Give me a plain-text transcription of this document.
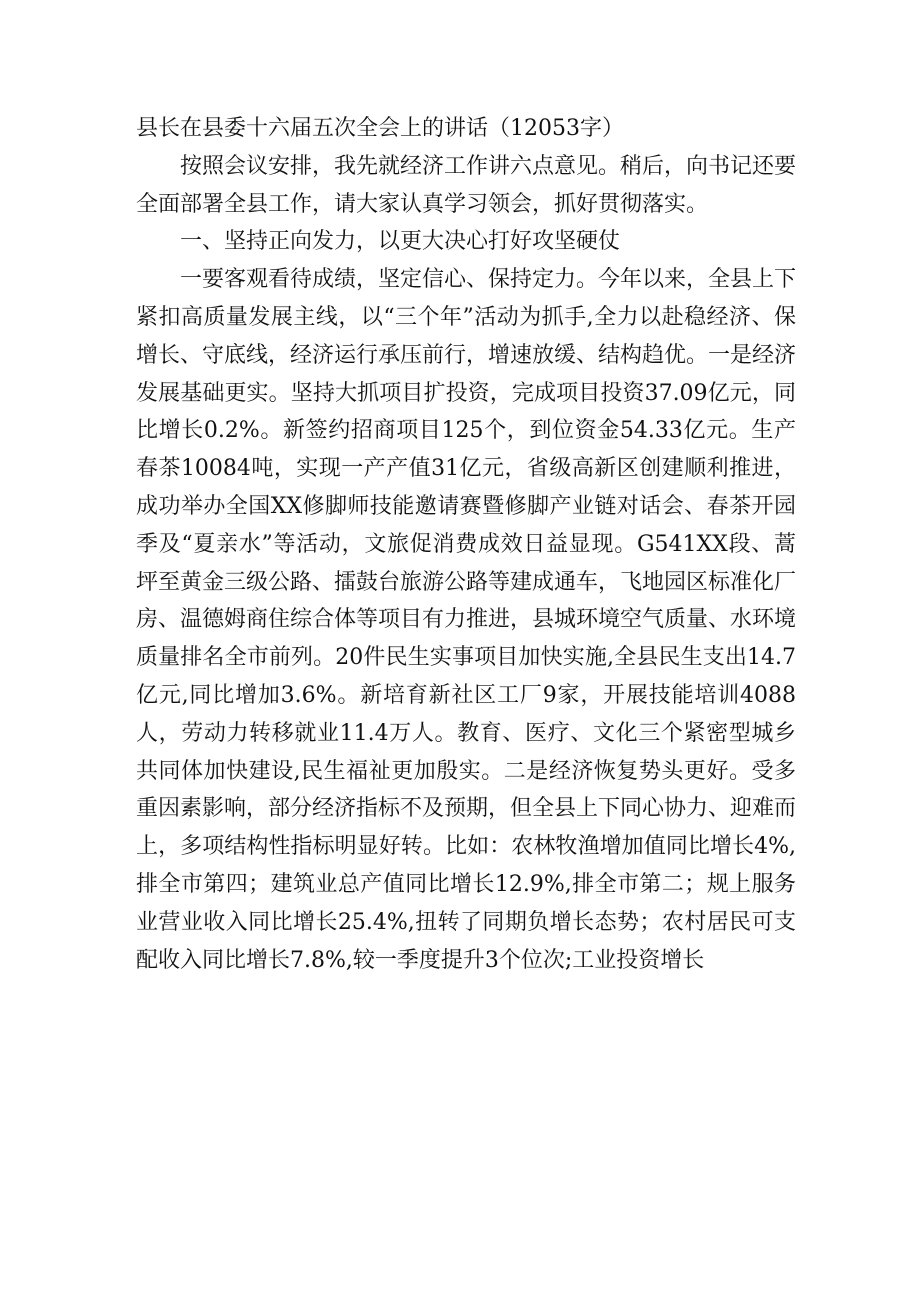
县长在县委十六届五次全会上的讲话（12053字）

按照会议安排，我先就经济工作讲六点意见。稍后，向书记还要全面部署全县工作，请大家认真学习领会，抓好贯彻落实。

一、坚持正向发力，以更大决心打好攻坚硬仗

一要客观看待成绩，坚定信心、保持定力。今年以来，全县上下紧扣高质量发展主线，以“三个年”活动为抓手,全力以赴稳经济、保增长、守底线，经济运行承压前行，增速放缓、结构趋优。一是经济发展基础更实。坚持大抓项目扩投资，完成项目投资37.09亿元，同比增长0.2%。新签约招商项目125个，到位资金54.33亿元。生产春茶10084吨，实现一产产值31亿元，省级高新区创建顺利推进，成功举办全国XX修脚师技能邀请赛暨修脚产业链对话会、春茶开园季及“夏亲水”等活动，文旅促消费成效日益显现。G541XX段、蒿坪至黄金三级公路、擂鼓台旅游公路等建成通车，飞地园区标准化厂房、温德姆商住综合体等项目有力推进，县城环境空气质量、水环境质量排名全市前列。20件民生实事项目加快实施,全县民生支出14.7亿元,同比增加3.6%。新培育新社区工厂9家，开展技能培训4088人，劳动力转移就业11.4万人。教育、医疗、文化三个紧密型城乡共同体加快建设,民生福祉更加殷实。二是经济恢复势头更好。受多重因素影响，部分经济指标不及预期，但全县上下同心协力、迎难而上，多项结构性指标明显好转。比如：农林牧渔增加值同比增长4%,排全市第四；建筑业总产值同比增长12.9%,排全市第二；规上服务业营业收入同比增长25.4%,扭转了同期负增长态势；农村居民可支配收入同比增长7.8%,较一季度提升3个位次;工业投资增长
